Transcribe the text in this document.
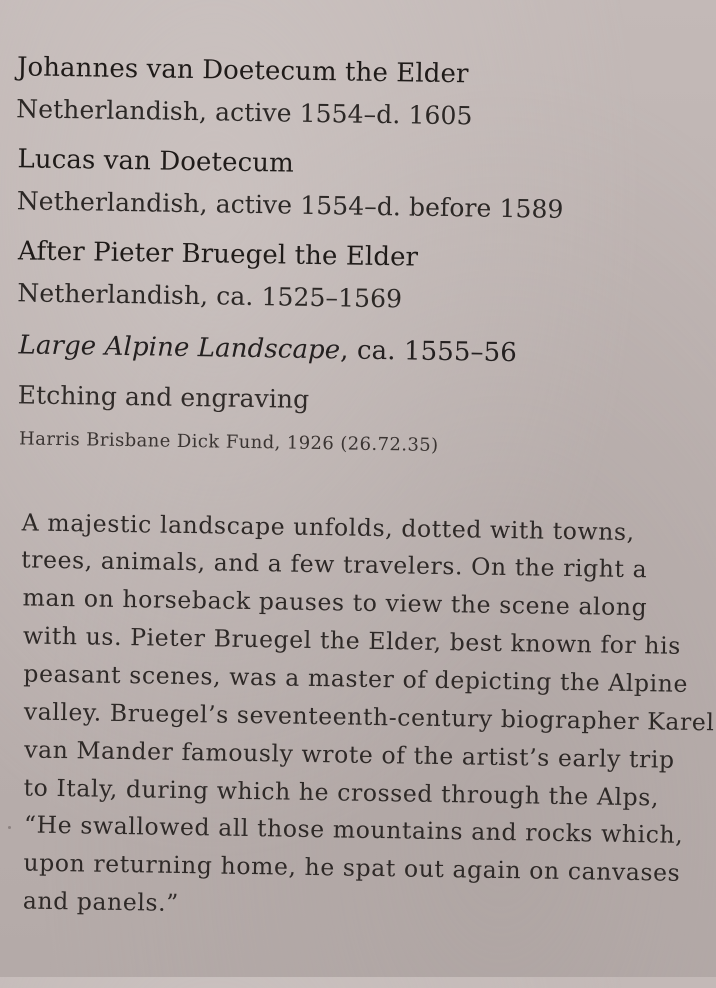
Johannes van Doetecum the Elder
Netherlandish, active 1554–d. 1605
Lucas van Doetecum
Netherlandish, active 1554–d. before 1589
After Pieter Bruegel the Elder
Netherlandish, ca. 1525–1569
Large Alpine Landscape, ca. 1555–56
Etching and engraving
Harris Brisbane Dick Fund, 1926 (26.72.35)
A majestic landscape unfolds, dotted with towns,
trees, animals, and a few travelers. On the right a
man on horseback pauses to view the scene along
with us. Pieter Bruegel the Elder, best known for his
peasant scenes, was a master of depicting the Alpine
valley. Bruegel’s seventeenth-century biographer Karel
van Mander famously wrote of the artist’s early trip
to Italy, during which he crossed through the Alps,
“He swallowed all those mountains and rocks which,
upon returning home, he spat out again on canvases
and panels.”
